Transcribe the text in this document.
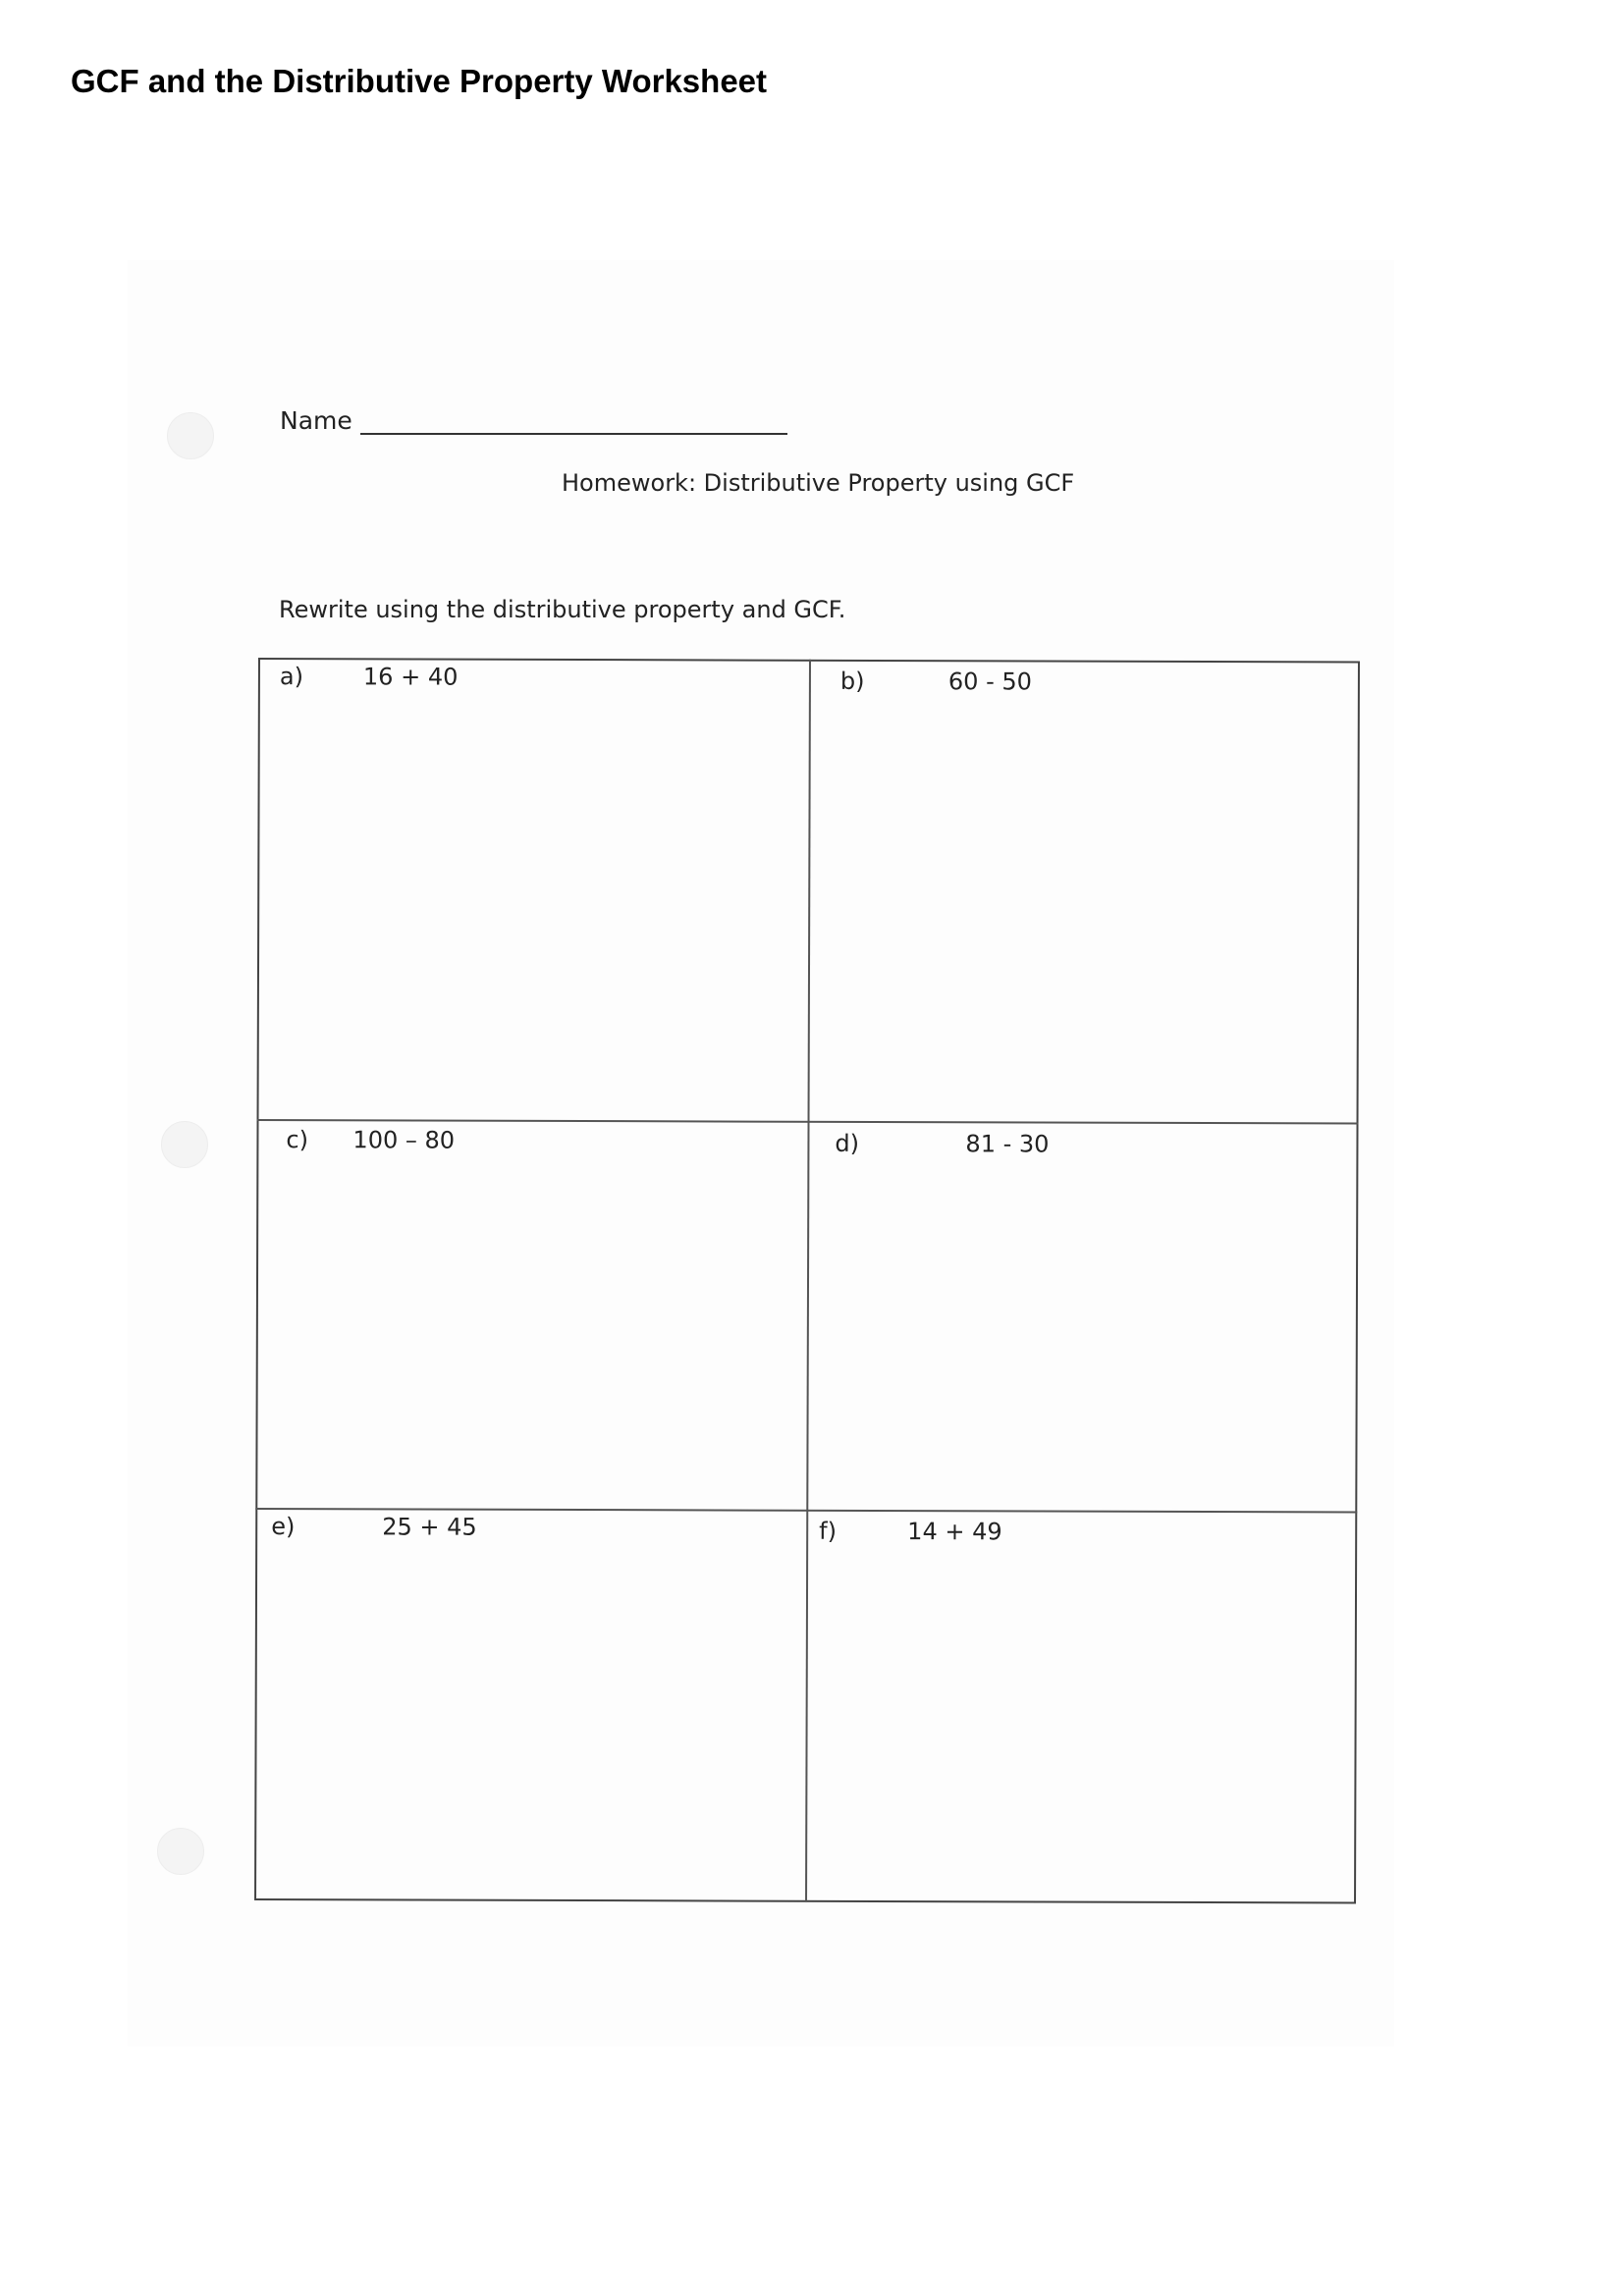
GCF and the Distributive Property Worksheet
Name
Homework: Distributive Property using GCF
Rewrite using the distributive property and GCF.
a)	16 + 40	b)	60 - 50
c) 100 – 80	d)	81 - 30
e)	25 + 45	f)	14 + 49
